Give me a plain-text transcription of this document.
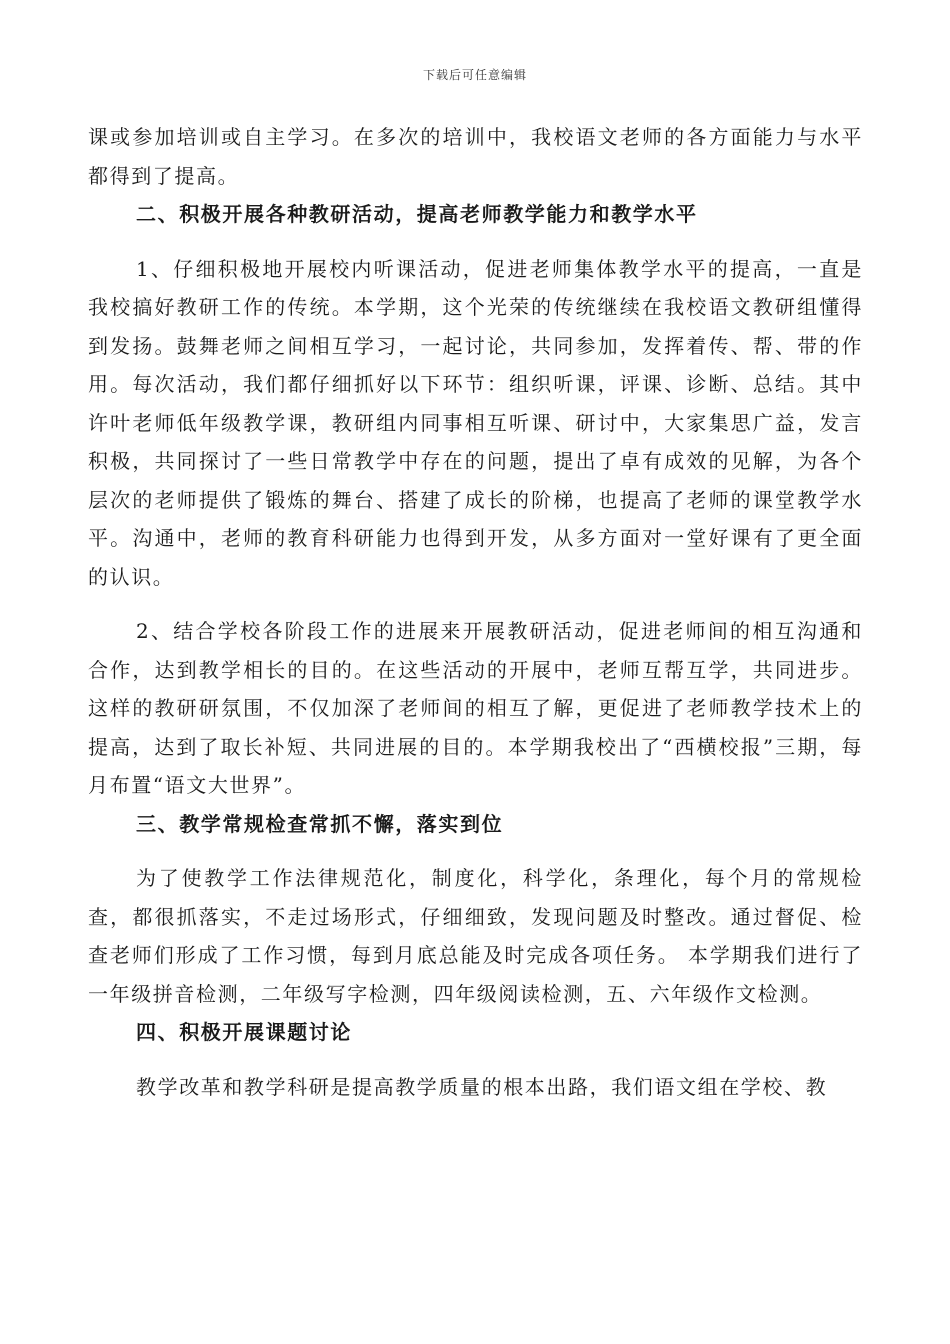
下载后可任意编辑

课或参加培训或自主学习。在多次的培训中，我校语文老师的各方面能力与水平都得到了提高。

二、积极开展各种教研活动，提高老师教学能力和教学水平

1、仔细积极地开展校内听课活动，促进老师集体教学水平的提高，一直是我校搞好教研工作的传统。本学期，这个光荣的传统继续在我校语文教研组懂得到发扬。鼓舞老师之间相互学习，一起讨论，共同参加，发挥着传、帮、带的作用。每次活动，我们都仔细抓好以下环节：组织听课，评课、诊断、总结。其中许叶老师低年级教学课，教研组内同事相互听课、研讨中，大家集思广益，发言积极，共同探讨了一些日常教学中存在的问题，提出了卓有成效的见解，为各个层次的老师提供了锻炼的舞台、搭建了成长的阶梯，也提高了老师的课堂教学水平。沟通中，老师的教育科研能力也得到开发，从多方面对一堂好课有了更全面的认识。

2、结合学校各阶段工作的进展来开展教研活动，促进老师间的相互沟通和合作，达到教学相长的目的。在这些活动的开展中，老师互帮互学，共同进步。这样的教研研氛围，不仅加深了老师间的相互了解，更促进了老师教学技术上的提高，达到了取长补短、共同进展的目的。本学期我校出了“西横校报”三期，每月布置“语文大世界”。

三、教学常规检查常抓不懈，落实到位

为了使教学工作法律规范化，制度化，科学化，条理化，每个月的常规检查，都很抓落实，不走过场形式，仔细细致，发现问题及时整改。通过督促、检查老师们形成了工作习惯，每到月底总能及时完成各项任务。 本学期我们进行了一年级拼音检测，二年级写字检测，四年级阅读检测，五、六年级作文检测。

四、积极开展课题讨论

教学改革和教学科研是提高教学质量的根本出路，我们语文组在学校、教
